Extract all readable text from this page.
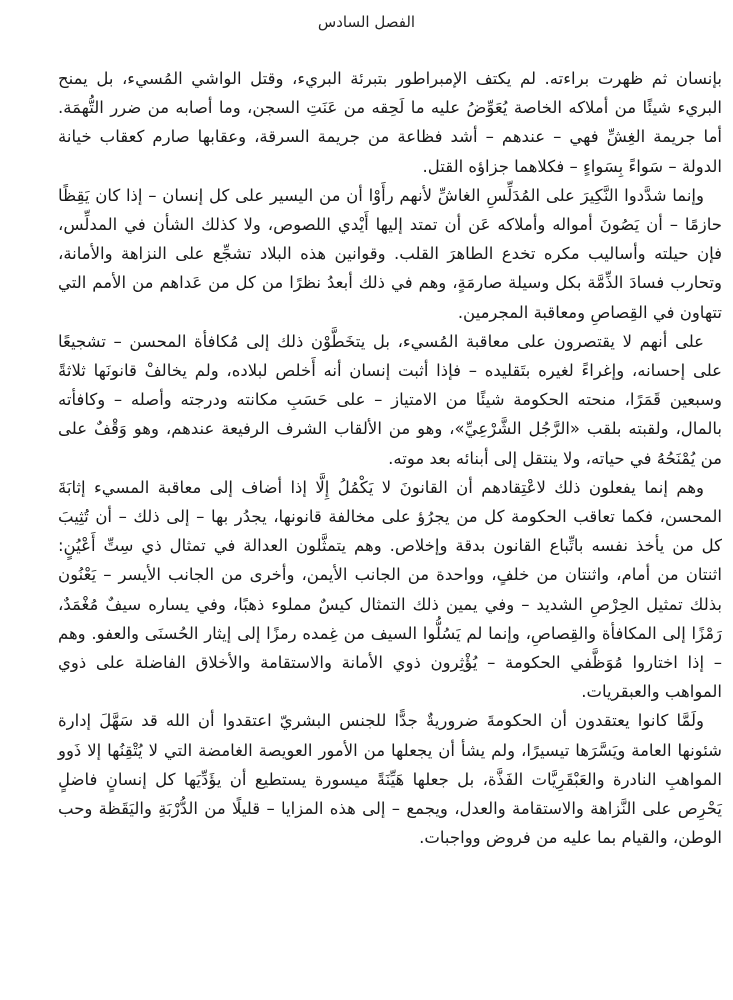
الفصل السادس

بإنسان ثم ظهرت براءته. لم يكتف الإمبراطور بتبرئة البريء، وقتل الواشي المُسيء، بل يمنح البريء شيئًا من أملاكه الخاصة يُعَوِّضُ عليه ما لَحِقه من عَنَتِ السجن، وما أصابه من ضرر التُّهمَة. أما جريمة الغِشِّ فهي – عندهم – أشد فظاعة من جريمة السرقة، وعقابها صارم كعقاب خيانة الدولة – سَواءً بِسَواءٍ – فكلاهما جزاؤه القتل.

وإنما شدَّدوا النَّكِيرَ على المُدَلِّسِ الغاشِّ لأنهم رأَوْا أن من اليسير على كل إنسان – إذا كان يَقِظًا حازمًا – أن يَصُونَ أمواله وأملاكه عَن أن تمتد إليها أَيْدي اللصوص، ولا كذلك الشأن في المدلِّس، فإن حيلته وأساليب مكره تخدع الطاهرَ القلب. وقوانين هذه البلاد تشجِّع على النزاهة والأمانة، وتحارب فسادَ الذِّمَّة بكل وسيلة صارمَةٍ، وهم في ذلك أبعدُ نظرًا من كل من عَداهم من الأمم التي تتهاون في القِصاصِ ومعاقبة المجرمين.

على أنهم لا يقتصرون على معاقبة المُسيء، بل يتخَطَّوْن ذلك إلى مُكافأة المحسن – تشجيعًا على إحسانه، وإغراءً لغيره بتَقليده – فإذا أثبت إنسان أنه أَخلص لبلاده، ولم يخالفْ قانونَها ثلاثةً وسبعين قَمَرًا، منحته الحكومة شيئًا من الامتياز – على حَسَبِ مكانته ودرجته وأصله – وكافأته بالمال، ولقبته بلقب «الرَّجُل الشَّرْعِيِّ»، وهو من الألقاب الشرف الرفيعة عندهم، وهو وَقْفٌ على من يُمْنَحُهُ في حياته، ولا ينتقل إلى أبنائه بعد موته.

وهم إنما يفعلون ذلك لاعْتِقادهم أن القانونَ لا يَكْمُلُ إِلَّا إذا أضاف إلى معاقبة المسيء إثابَةَ المحسن، فكما تعاقب الحكومة كل من يجرُؤ على مخالفة قانونها، يجدُر بها – إلى ذلك – أن تُثِيبَ كل من يأخذ نفسه باتِّباع القانون بدقة وإخلاص. وهم يتمثَّلون العدالة في تمثال ذي سِتِّ أَعْيُنٍ: اثنتان من أمام، واثنتان من خلفٍ، وواحدة من الجانب الأيمن، وأخرى من الجانب الأيسر – يَعْنُون بذلك تمثيل الحِرْصِ الشديد – وفي يمين ذلك التمثال كيسٌ مملوء ذهبًا، وفي يساره سيفٌ مُغْمَدٌ، رَمْزًا إلى المكافأة والقِصاصِ، وإنما لم يَسُلُّوا السيف من غِمده رمزًا إلى إيثار الحُسنَى والعفو. وهم – إذا اختاروا مُوَظَّفي الحكومة – يُؤْثِرون ذوي الأمانة والاستقامة والأخلاق الفاضلة على ذوي المواهب والعبقريات.

ولَمَّا كانوا يعتقدون أن الحكومةَ ضروريةٌ جدًّا للجنس البشريّ اعتقدوا أن الله قد سَهَّلَ إدارة شئونها العامة ويَسَّرَها تيسيرًا، ولم يشأ أن يجعلها من الأمور العويصة الغامضة التي لا يُتْقِنُها إلا ذَوو المواهبِ النادرة والعَبْقَرِيَّات الفَذَّة، بل جعلها هَيِّنَةً ميسورة يستطيع أن يؤَدِّيَها كل إنسانٍ فاضلٍ يَحْرِص على النَّزاهة والاستقامة والعدل، ويجمع – إلى هذه المزايا – قليلًا من الدُّرْبَةِ واليَقَظة وحب الوطن، والقيام بما عليه من فروض وواجبات.
